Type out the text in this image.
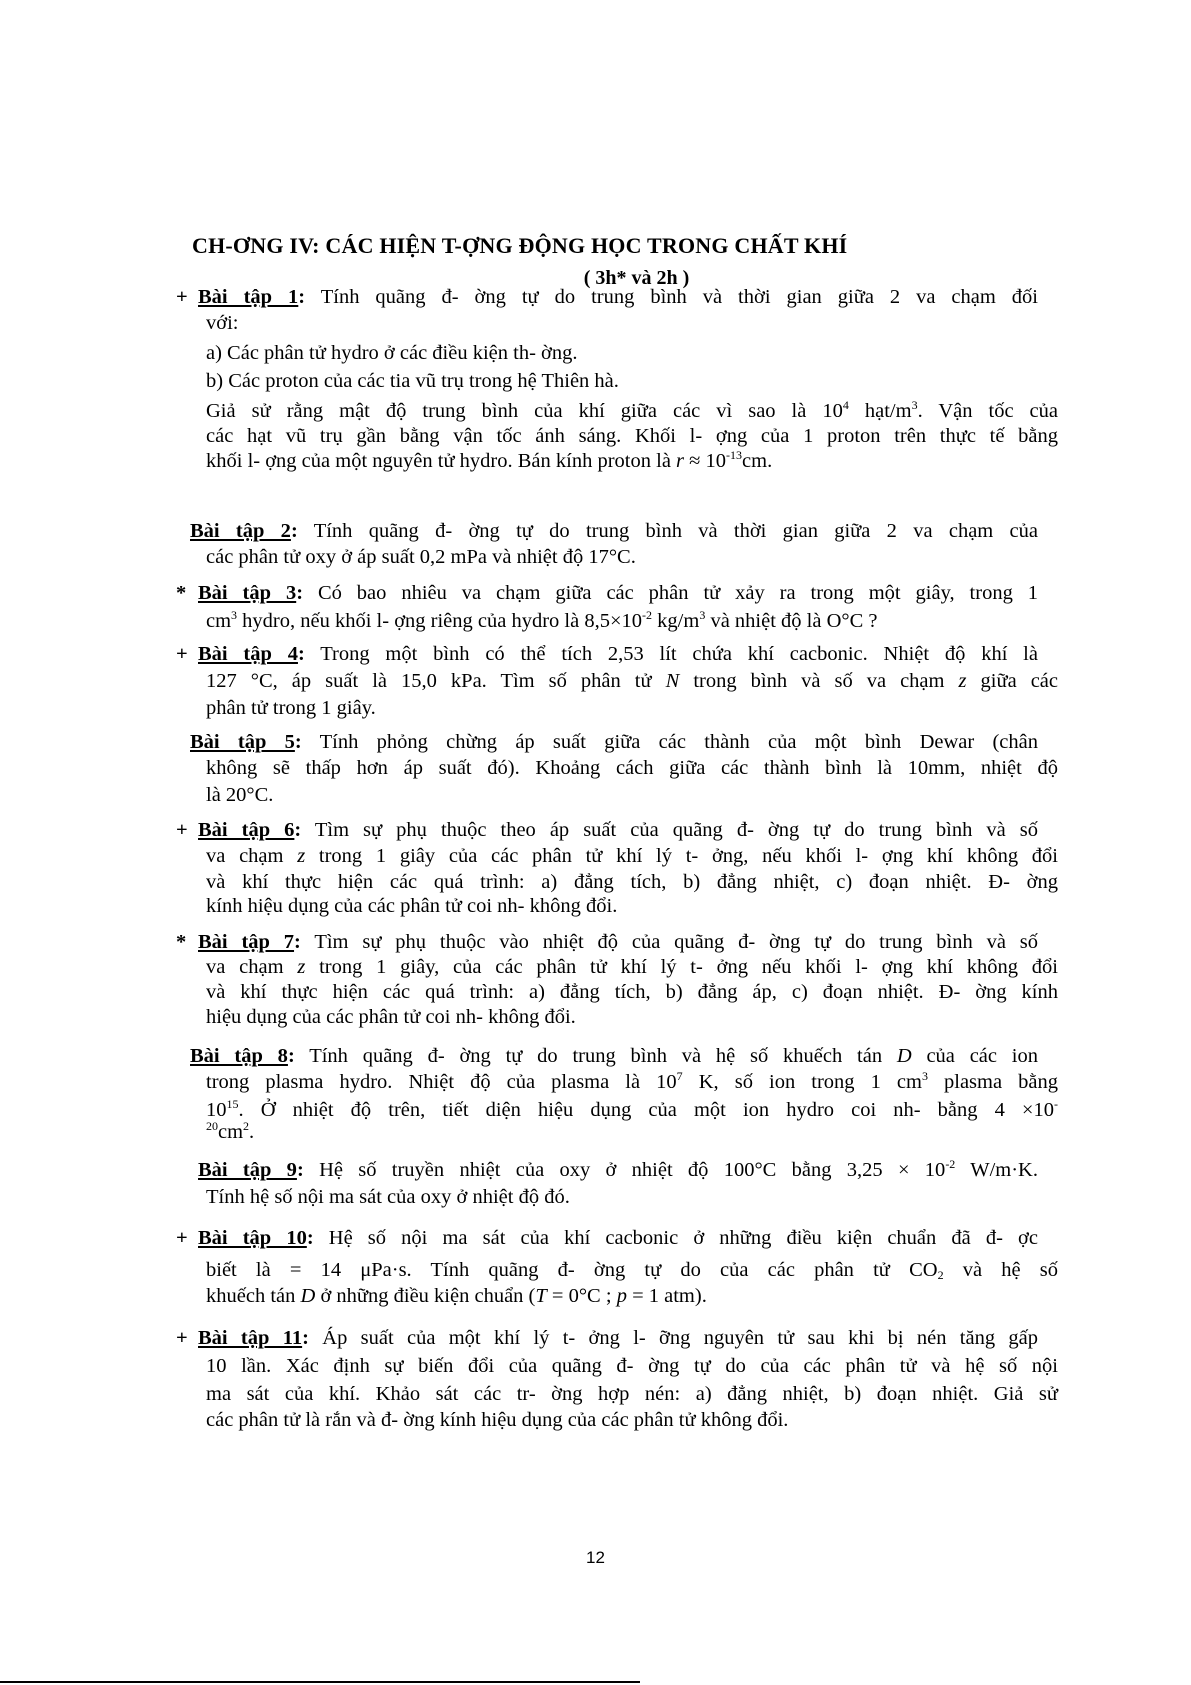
CH-ƠNG IV: CÁC HIỆN T-ỢNG ĐỘNG HỌC TRONG CHẤT KHÍ
( 3h* và 2h )
+ Bài tập 1: Tính quãng đ- ờng tự do trung bình và thời gian giữa 2 va chạm đối
với:
a) Các phân tử hydro ở các điều kiện th- ờng.
b) Các proton của các tia vũ trụ trong hệ Thiên hà.
Giả sử rằng mật độ trung bình của khí giữa các vì sao là $10^4$ hạt/$m^3$. Vận tốc của
các hạt vũ trụ gần bằng vận tốc ánh sáng. Khối l- ợng của 1 proton trên thực tế bằng
khối l- ợng của một nguyên tử hydro. Bán kính proton là $r \approx 10^{-13}cm$.
Bài tập 2: Tính quãng đ- ờng tự do trung bình và thời gian giữa 2 va chạm của
các phân tử oxy ở áp suất 0,2 mPa và nhiệt độ 17°C.
* Bài tập 3: Có bao nhiêu va chạm giữa các phân tử xảy ra trong một giây, trong 1
$cm^3$ hydro, nếu khối l- ợng riêng của hydro là $8,5\times 10^{-2}$ $kg/m^3$ và nhiệt độ là O°C ?
+ Bài tập 4: Trong một bình có thể tích 2,53 lít chứa khí cacbonic. Nhiệt độ khí là
127 °C, áp suất là 15,0 kPa. Tìm số phân tử N trong bình và số va chạm z giữa các
phân tử trong 1 giây.
Bài tập 5: Tính phỏng chừng áp suất giữa các thành của một bình Dewar (chân
không sẽ thấp hơn áp suất đó). Khoảng cách giữa các thành bình là 10mm, nhiệt độ
là 20°C.
+ Bài tập 6: Tìm sự phụ thuộc theo áp suất của quãng đ- ờng tự do trung bình và số
va chạm z trong 1 giây của các phân tử khí lý t- ởng, nếu khối l- ợng khí không đổi
và khí thực hiện các quá trình: a) đẳng tích, b) đẳng nhiệt, c) đoạn nhiệt. Đ- ờng
kính hiệu dụng của các phân tử coi nh- không đổi.
* Bài tập 7: Tìm sự phụ thuộc vào nhiệt độ của quãng đ- ờng tự do trung bình và số
va chạm z trong 1 giây, của các phân tử khí lý t- ởng nếu khối l- ợng khí không đổi
và khí thực hiện các quá trình: a) đẳng tích, b) đẳng áp, c) đoạn nhiệt. Đ- ờng kính
hiệu dụng của các phân tử coi nh- không đổi.
Bài tập 8: Tính quãng đ- ờng tự do trung bình và hệ số khuếch tán D của các ion
trong plasma hydro. Nhiệt độ của plasma là $10^7$ K, số ion trong 1 $cm^3$ plasma bằng
$10^{15}$. Ở nhiệt độ trên, tiết diện hiệu dụng của một ion hydro coi nh- bằng 4 ×10-
$^{20}cm^2$.
Bài tập 9: Hệ số truyền nhiệt của oxy ở nhiệt độ 100°C bằng $3,25 \times 10^{-2}$ W/m·K.
Tính hệ số nội ma sát của oxy ở nhiệt độ đó.
+ Bài tập 10: Hệ số nội ma sát của khí cacbonic ở những điều kiện chuẩn đã đ- ợc
biết là = 14 μPa·s. Tính quãng đ- ờng tự do của các phân tử $CO_2$ và hệ số
khuếch tán D ở những điều kiện chuẩn (T = 0°C ; p = 1 atm).
+ Bài tập 11: Áp suất của một khí lý t- ởng l- ỡng nguyên tử sau khi bị nén tăng gấp
10 lần. Xác định sự biến đổi của quãng đ- ờng tự do của các phân tử và hệ số nội
ma sát của khí. Khảo sát các tr- ờng hợp nén: a) đẳng nhiệt, b) đoạn nhiệt. Giả sử
các phân tử là rắn và đ- ờng kính hiệu dụng của các phân tử không đổi.
12
